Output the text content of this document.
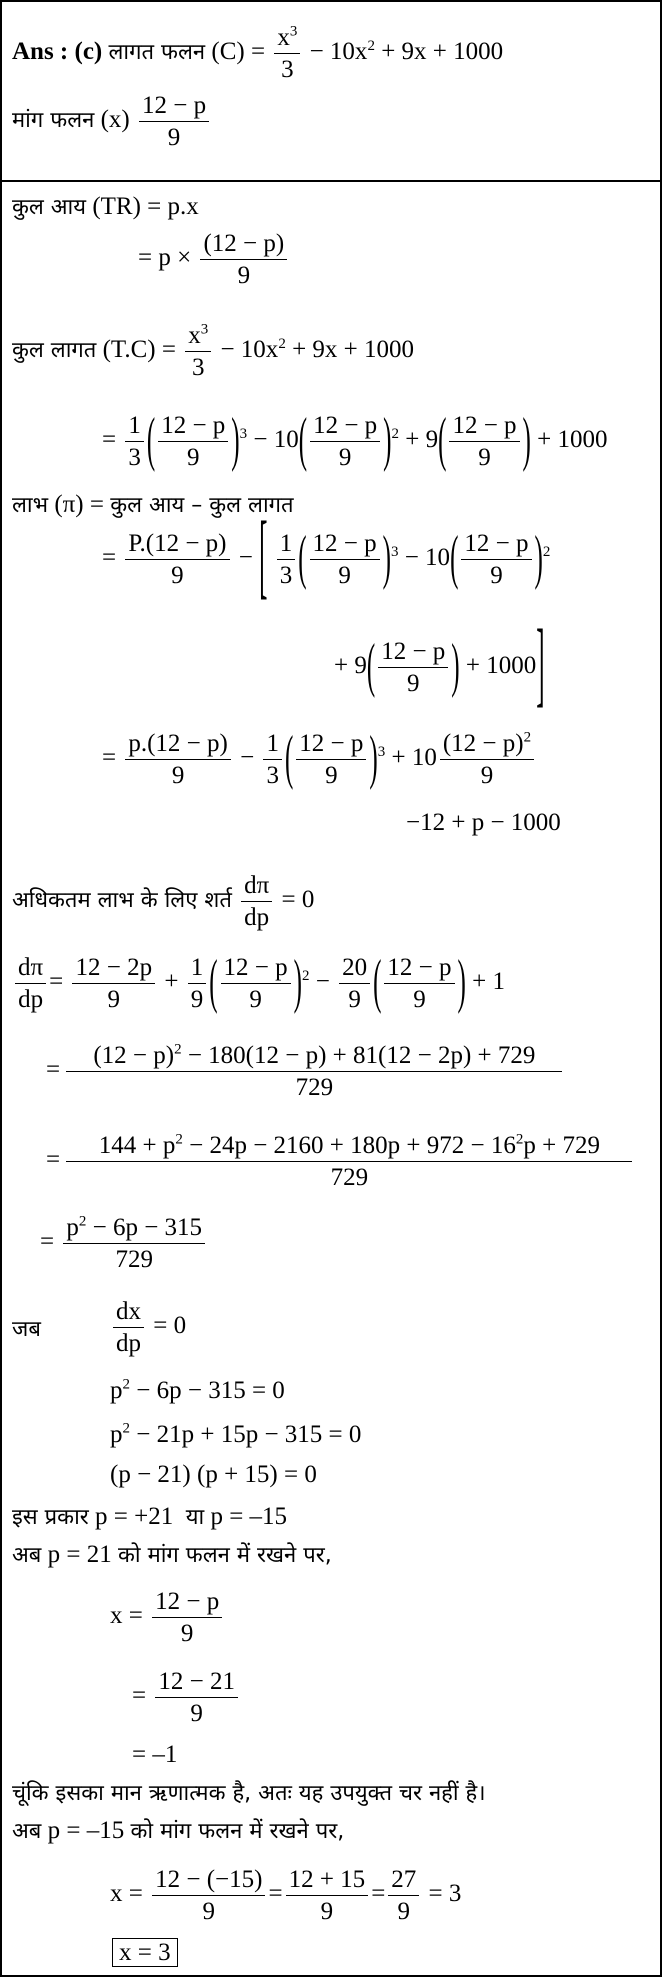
Ans : (c) लागत फलन $(C) = \frac{x^3}{3} - 10x^2 + 9x + 1000$
मांग फलन $(x) \frac{12 - p}{9}$
कुल आय (TR) = p.x
= $p \times \frac{(12 - p)}{9}$
कुल लागत $(T.C) = \frac{x^3}{3} - 10x^2 + 9x + 1000$
= $\frac{1}{3}$ ( $\frac{12 - p}{9} )^3 - 10( \frac{12 - p}{9} )^2 + 9( \frac{12 - p}{9}$ ) + 1000
लाभ (π) = कुल आय – कुल लागत
= $\frac{P.(12 - p)}{9}$ − [ $\frac{1}{3}$ ( $\frac{12 - p}{9} )^3 - 10( \frac{12 - p}{9} )^2$
+ $9( \frac{12 - p}{9}$ ) + 1000]
= $\frac{p.(12 - p)}{9} - \frac{1}{3}$ ( $\frac{12 - p}{9} )^3 + 10 \frac{(12 - p)^2}{9}$
−12 + p − 1000
अधिकतम लाभ के लिए शर्त $\frac{d\pi}{dp} = 0$
$\frac{d\pi}{dp} = \frac{12 - 2p}{9} + \frac{1}{9}$ ( $\frac{12 - p}{9} )^2 - \frac{20}{9}$ ( $\frac{12 - p}{9}$ ) + 1
= $\frac{(12 - p)^2 - 180(12 - p) + 81(12 - 2p) + 729}{729}$
= $\frac{144 + p^2 - 24p - 2160 + 180p + 972 - 16^2p + 729}{729}$
= $\frac{p^2 - 6p - 315}{729}$
जब	$\frac{dx}{dp} = 0$
$p^2 - 6p - 315 = 0$
$p^2 - 21p + 15p - 315 = 0$
(p − 21) (p + 15) = 0
इस प्रकार p = +21 या p = –15
अब p = 21 को मांग फलन में रखने पर,
$x = \frac{12 - p}{9}$
= $\frac{12 - 21}{9}$
= –1
चूंकि इसका मान ऋणात्मक है, अतः यह उपयुक्त चर नहीं है।
अब p = –15 को मांग फलन में रखने पर,
$x = \frac{12 - (-15)}{9} = \frac{12 + 15}{9} = \frac{27}{9} = 3$
x = 3
